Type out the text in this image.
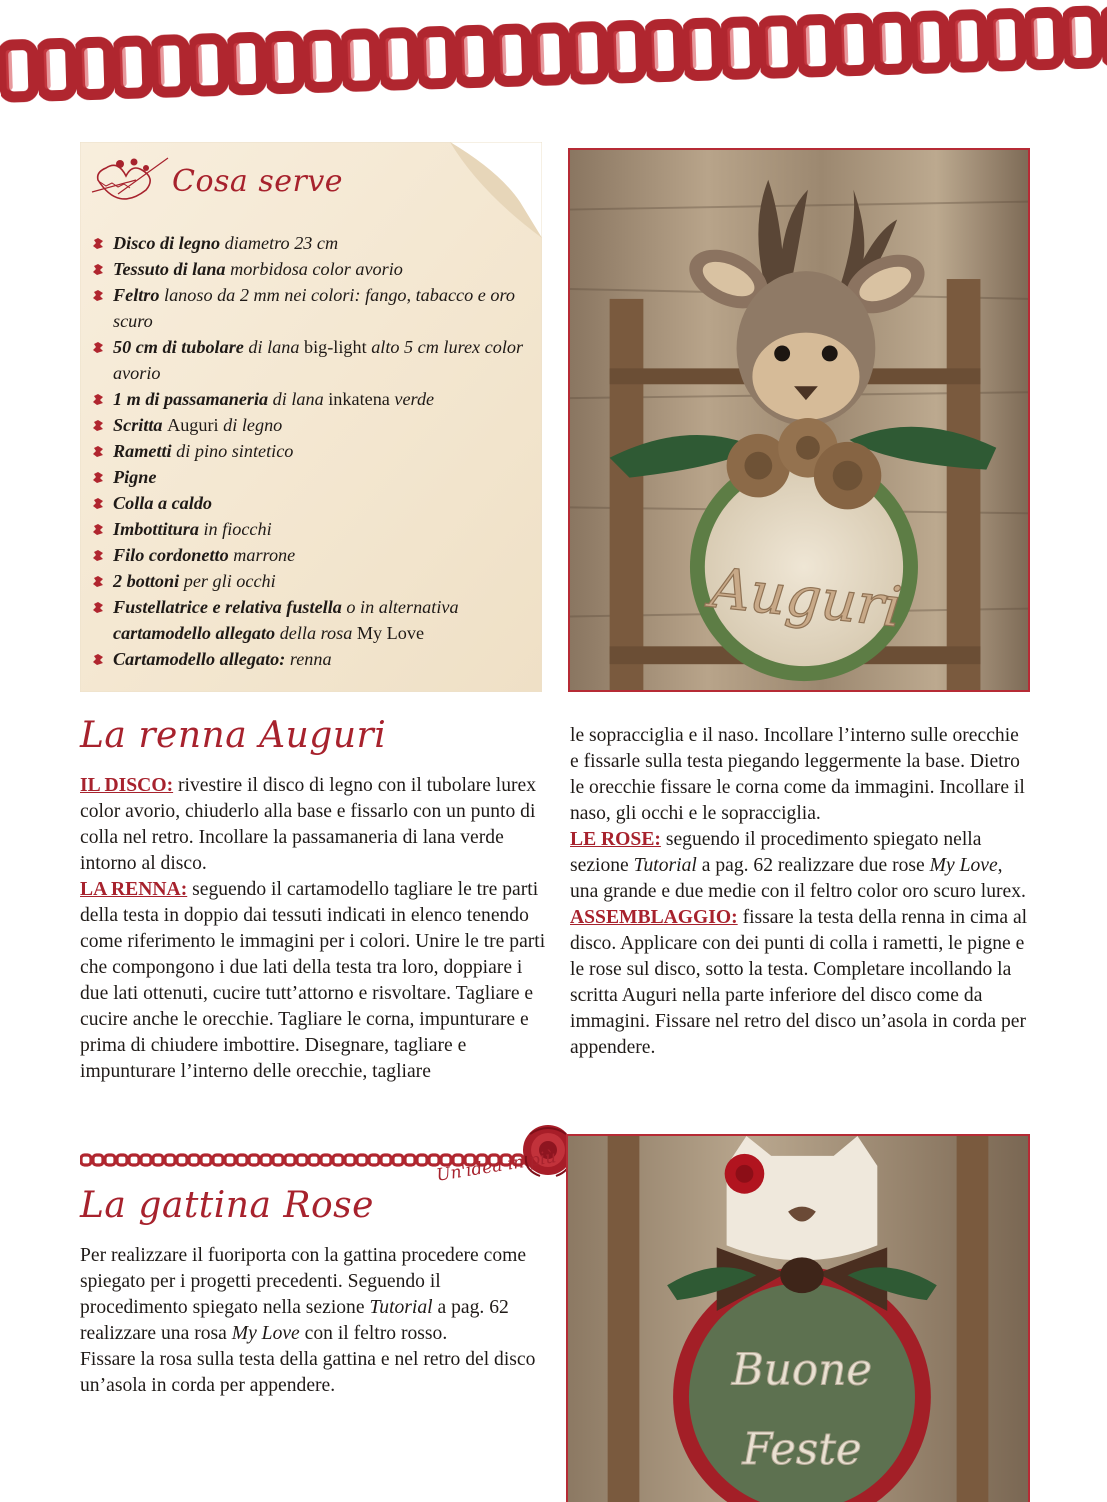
Cosa serve
Disco di legno diametro 23 cm
Tessuto di lana morbidosa color avorio
Feltro lanoso da 2 mm nei colori: fango, tabacco e oro scuro
50 cm di tubolare di lana big-light alto 5 cm lurex color avorio
1 m di passamaneria di lana inkatena verde
Scritta Auguri di legno
Rametti di pino sintetico
Pigne
Colla a caldo
Imbottitura in fiocchi
Filo cordonetto marrone
2 bottoni per gli occhi
Fustellatrice e relativa fustella o in alternativa cartamodello allegato della rosa My Love
Cartamodello allegato: renna
Auguri
La renna Auguri
IL DISCO: rivestire il disco di legno con il tubolare lurex color avorio, chiuderlo alla base e fissarlo con un punto di colla nel retro. Incollare la passamaneria di lana verde intorno al disco.
LA RENNA: seguendo il cartamodello tagliare le tre parti della testa in doppio dai tessuti indicati in elenco tenendo come riferimento le immagini per i colori. Unire le tre parti che compongono i due lati della testa tra loro, doppiare i due lati ottenuti, cucire tutt’attorno e risvoltare. Tagliare e cucire anche le orecchie. Tagliare le corna, impunturare e prima di chiudere imbottire. Disegnare, tagliare e impunturare l’interno delle orecchie, tagliare
le sopracciglia e il naso. Incollare l’interno sulle orecchie e fissarle sulla testa piegando leggermente la base. Dietro le orecchie fissare le corna come da immagini. Incollare il naso, gli occhi e le sopracciglia.
LE ROSE: seguendo il procedimento spiegato nella sezione Tutorial a pag. 62 realizzare due rose My Love, una grande e due medie con il feltro color oro scuro lurex.
ASSEMBLAGGIO: fissare la testa della renna in cima al disco. Applicare con dei punti di colla i rametti, le pigne e le rose sul disco, sotto la testa. Completare incollando la scritta Auguri nella parte inferiore del disco come da immagini. Fissare nel retro del disco un’asola in corda per appendere.
Un'idea in più
La gattina Rose
Per realizzare il fuoriporta con la gattina procedere come spiegato per i progetti precedenti. Seguendo il procedimento spiegato nella sezione Tutorial a pag. 62 realizzare una rosa My Love con il feltro rosso.
Fissare la rosa sulla testa della gattina e nel retro del disco un’asola in corda per appendere.	Buone
Feste
